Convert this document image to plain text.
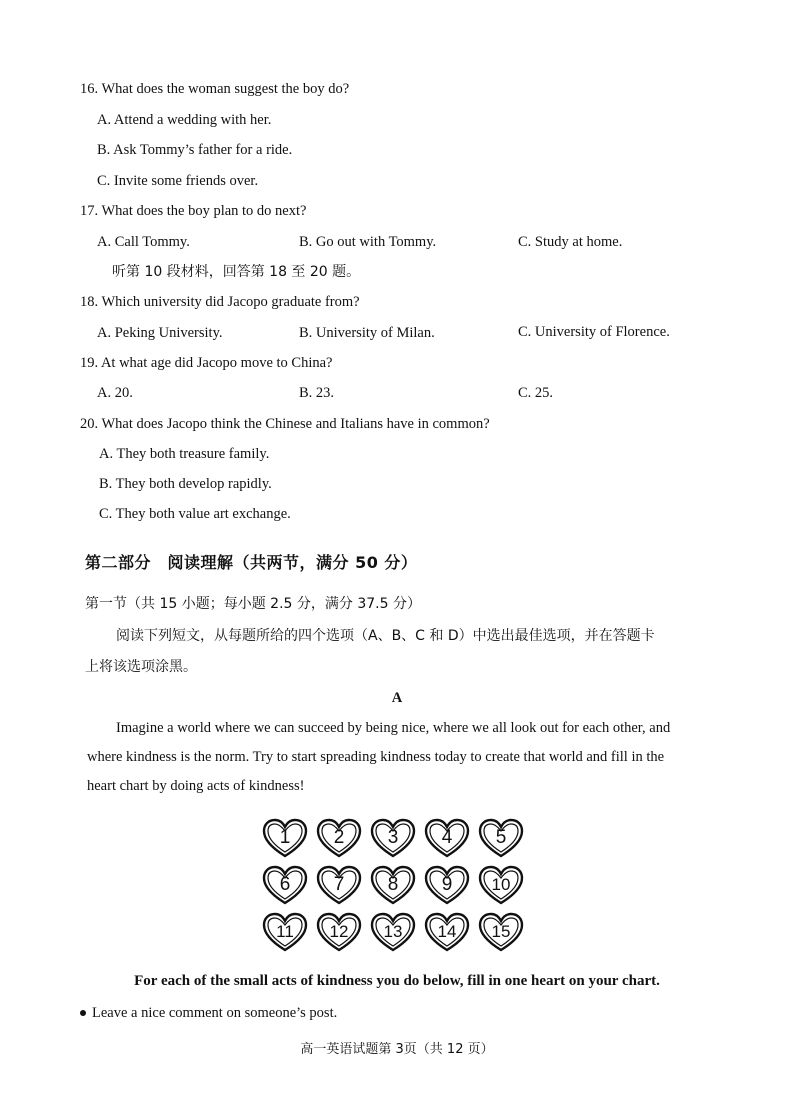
16. What does the woman suggest the boy do?
A. Attend a wedding with her.
B. Ask Tommy’s father for a ride.
C. Invite some friends over.
17. What does the boy plan to do next?
A. Call Tommy.	B. Go out with Tommy.	C. Study at home.
听第 10 段材料，回答第 18 至 20 题。
18. Which university did Jacopo graduate from?
A. Peking University.	B. University of Milan.	C. University of Florence.
19. At what age did Jacopo move to China?
A. 20.	B. 23.	C. 25.
20. What does Jacopo think the Chinese and Italians have in common?
A. They both treasure family.
B. They both develop rapidly.
C. They both value art exchange.
第二部分　阅读理解（共两节，满分 50 分）
第一节（共 15 小题；每小题 2.5 分，满分 37.5 分）
阅读下列短文，从每题所给的四个选项（A、B、C 和 D）中选出最佳选项，并在答题卡
上将该选项涂黑。
A
Imagine a world where we can succeed by being nice, where we all look out for each other, and
where kindness is the norm. Try to start spreading kindness today to create that world and fill in the
heart chart by doing acts of kindness!
1	2	3	4	5
6	7	8	9	10
11	12	13	14	15
For each of the small acts of kindness you do below, fill in one heart on your chart.
Leave a nice comment on someone’s post.
高一英语试题第 3页（共 12 页）
